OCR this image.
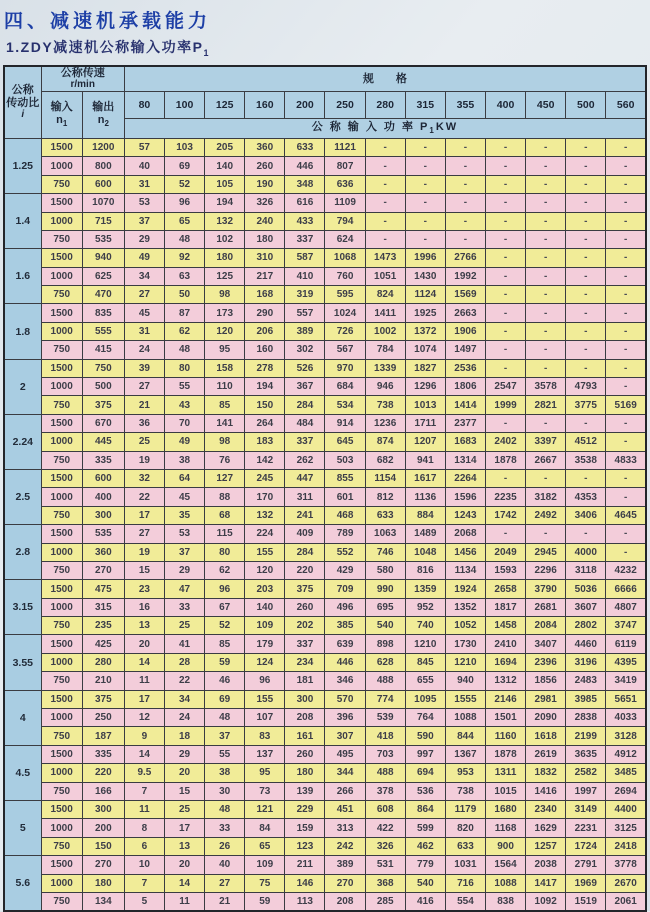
四、减速机承载能力
1.ZDY减速机公称输入功率$P_1$
公称
传动比
i

公称传速
r/min
	规　　格

输入
$n_1$

输出
$n_2$
	80	100	125	160	200	250	280	315	355	400	450	500	560
			公 称 输 入 功 率 $P_1KW$												
1.25	1500	1200	57	103	205	360	633	1121	-	-	-	-	-	-	-
	1000	800	40	69	140	260	446	807	-	-	-	-	-	-	-
	750	600	31	52	105	190	348	636	-	-	-	-	-	-	-
1.4	1500	1070	53	96	194	326	616	1109	-	-	-	-	-	-	-
	1000	715	37	65	132	240	433	794	-	-	-	-	-	-	-
	750	535	29	48	102	180	337	624	-	-	-	-	-	-	-
1.6	1500	940	49	92	180	310	587	1068	1473	1996	2766	-	-	-	-
	1000	625	34	63	125	217	410	760	1051	1430	1992	-	-	-	-
	750	470	27	50	98	168	319	595	824	1124	1569	-	-	-	-
1.8	1500	835	45	87	173	290	557	1024	1411	1925	2663	-	-	-	-
	1000	555	31	62	120	206	389	726	1002	1372	1906	-	-	-	-
	750	415	24	48	95	160	302	567	784	1074	1497	-	-	-	-
2	1500	750	39	80	158	278	526	970	1339	1827	2536	-	-	-	-
	1000	500	27	55	110	194	367	684	946	1296	1806	2547	3578	4793	-
	750	375	21	43	85	150	284	534	738	1013	1414	1999	2821	3775	5169
2.24	1500	670	36	70	141	264	484	914	1236	1711	2377	-	-	-	-
	1000	445	25	49	98	183	337	645	874	1207	1683	2402	3397	4512	-
	750	335	19	38	76	142	262	503	682	941	1314	1878	2667	3538	4833
2.5	1500	600	32	64	127	245	447	855	1154	1617	2264	-	-	-	-
	1000	400	22	45	88	170	311	601	812	1136	1596	2235	3182	4353	-
	750	300	17	35	68	132	241	468	633	884	1243	1742	2492	3406	4645
2.8	1500	535	27	53	115	224	409	789	1063	1489	2068	-	-	-	-
	1000	360	19	37	80	155	284	552	746	1048	1456	2049	2945	4000	-
	750	270	15	29	62	120	220	429	580	816	1134	1593	2296	3118	4232
3.15	1500	475	23	47	96	203	375	709	990	1359	1924	2658	3790	5036	6666
	1000	315	16	33	67	140	260	496	695	952	1352	1817	2681	3607	4807
	750	235	13	25	52	109	202	385	540	740	1052	1458	2084	2802	3747
3.55	1500	425	20	41	85	179	337	639	898	1210	1730	2410	3407	4460	6119
	1000	280	14	28	59	124	234	446	628	845	1210	1694	2396	3196	4395
	750	210	11	22	46	96	181	346	488	655	940	1312	1856	2483	3419
4	1500	375	17	34	69	155	300	570	774	1095	1555	2146	2981	3985	5651
	1000	250	12	24	48	107	208	396	539	764	1088	1501	2090	2838	4033
	750	187	9	18	37	83	161	307	418	590	844	1160	1618	2199	3128
4.5	1500	335	14	29	55	137	260	495	703	997	1367	1878	2619	3635	4912
	1000	220	9.5	20	38	95	180	344	488	694	953	1311	1832	2582	3485
	750	166	7	15	30	73	139	266	378	536	738	1015	1416	1997	2694
5	1500	300	11	25	48	121	229	451	608	864	1179	1680	2340	3149	4400
	1000	200	8	17	33	84	159	313	422	599	820	1168	1629	2231	3125
	750	150	6	13	26	65	123	242	326	462	633	900	1257	1724	2418
5.6	1500	270	10	20	40	109	211	389	531	779	1031	1564	2038	2791	3778
	1000	180	7	14	27	75	146	270	368	540	716	1088	1417	1969	2670
	750	134	5	11	21	59	113	208	285	416	554	838	1092	1519	2061
